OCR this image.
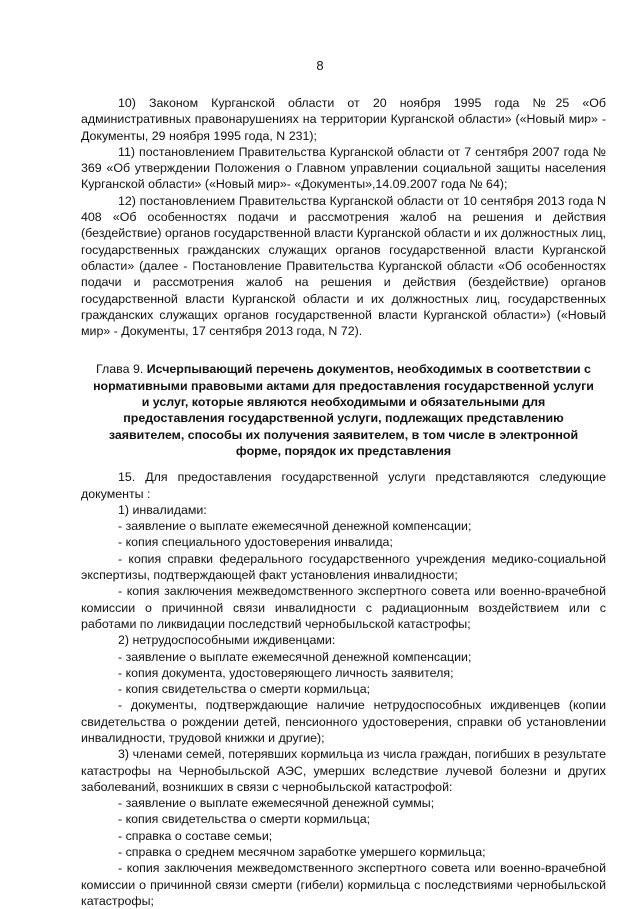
8

10) Законом Курганской области от 20 ноября 1995 года №25 «Об административных правонарушениях на территории Курганской области» («Новый мир» - Документы, 29 ноября 1995 года, N 231);

11) постановлением Правительства Курганской области от 7 сентября 2007 года № 369 «Об утверждении Положения о Главном управлении социальной защиты населения Курганской области» («Новый мир»- «Документы»,14.09.2007 года № 64);

12) постановлением Правительства Курганской области от 10 сентября 2013 года N 408 «Об особенностях подачи и рассмотрения жалоб на решения и действия (бездействие) органов государственной власти Курганской области и их должностных лиц, государственных гражданских служащих органов государственной власти Курганской области» (далее - Постановление Правительства Курганской области «Об особенностях подачи и рассмотрения жалоб на решения и действия (бездействие) органов государственной власти Курганской области и их должностных лиц, государственных гражданских служащих органов государственной власти Курганской области») («Новый мир» - Документы, 17 сентября 2013 года, N 72).

Глава 9. Исчерпывающий перечень документов, необходимых в соответствии с нормативными правовыми актами для предоставления государственной услуги и услуг, которые являются необходимыми и обязательными для предоставления государственной услуги, подлежащих представлению заявителем, способы их получения заявителем, в том числе в электронной форме, порядок их представления

15. Для предоставления государственной услуги представляются следующие документы :

1) инвалидами:

- заявление о выплате ежемесячной денежной компенсации;

- копия специального удостоверения инвалида;

- копия справки федерального государственного учреждения медико-социальной экспертизы, подтверждающей факт установления инвалидности;

- копия заключения межведомственного экспертного совета или военно-врачебной комиссии о причинной связи инвалидности с радиационным воздействием или с работами по ликвидации последствий чернобыльской катастрофы;

2) нетрудоспособными иждивенцами:

- заявление о выплате ежемесячной денежной компенсации;

- копия документа, удостоверяющего личность заявителя;

- копия свидетельства о смерти кормильца;

- документы, подтверждающие наличие нетрудоспособных иждивенцев (копии свидетельства о рождении детей, пенсионного удостоверения, справки об установлении инвалидности, трудовой книжки и другие);

3) членами семей, потерявших кормильца из числа граждан, погибших в результате катастрофы на Чернобыльской АЭС, умерших вследствие лучевой болезни и других заболеваний, возникших в связи с чернобыльской катастрофой:

- заявление о выплате ежемесячной денежной суммы;

- копия свидетельства о смерти кормильца;

- справка о составе семьи;

- справка о среднем месячном заработке умершего кормильца;

- копия заключения межведомственного экспертного совета или военно-врачебной комиссии о причинной связи смерти (гибели) кормильца с последствиями чернобыльской катастрофы;
